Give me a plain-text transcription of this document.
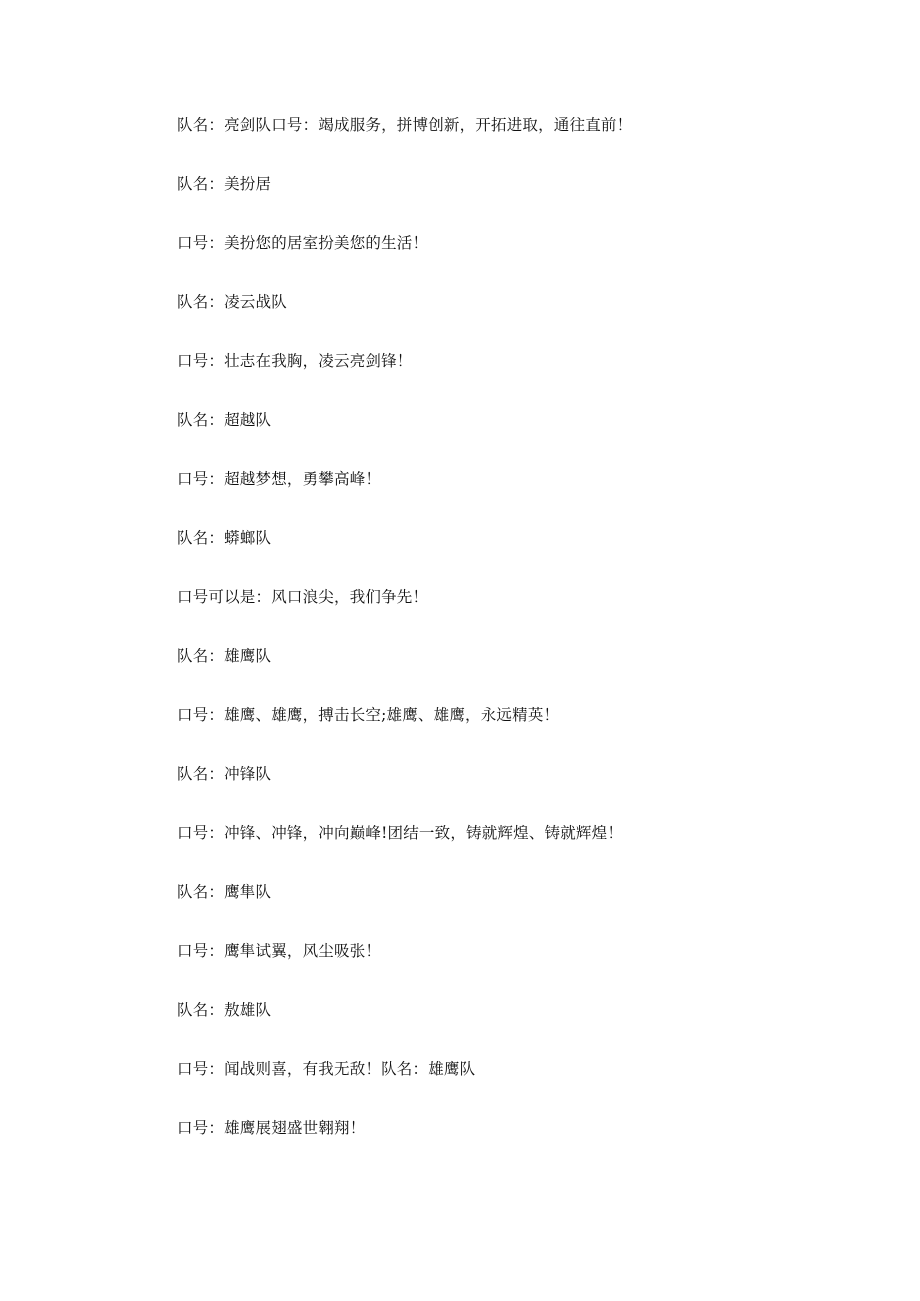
队名：亮剑队口号：竭成服务，拼博创新，开拓进取，通往直前！
队名：美扮居
口号：美扮您的居室扮美您的生活！
队名：凌云战队
口号：壮志在我胸，凌云亮剑锋！
队名：超越队
口号：超越梦想，勇攀高峰！
队名：蟒螂队
口号可以是：风口浪尖，我们争先！
队名：雄鹰队
口号：雄鹰、雄鹰，搏击长空;雄鹰、雄鹰，永远精英！
队名：冲锋队
口号：冲锋、冲锋，冲向巅峰!团结一致，铸就辉煌、铸就辉煌！
队名：鹰隼队
口号：鹰隼试翼，风尘吸张！
队名：敖雄队
口号：闻战则喜，有我无敌！队名：雄鹰队
口号：雄鹰展翅盛世翱翔！
